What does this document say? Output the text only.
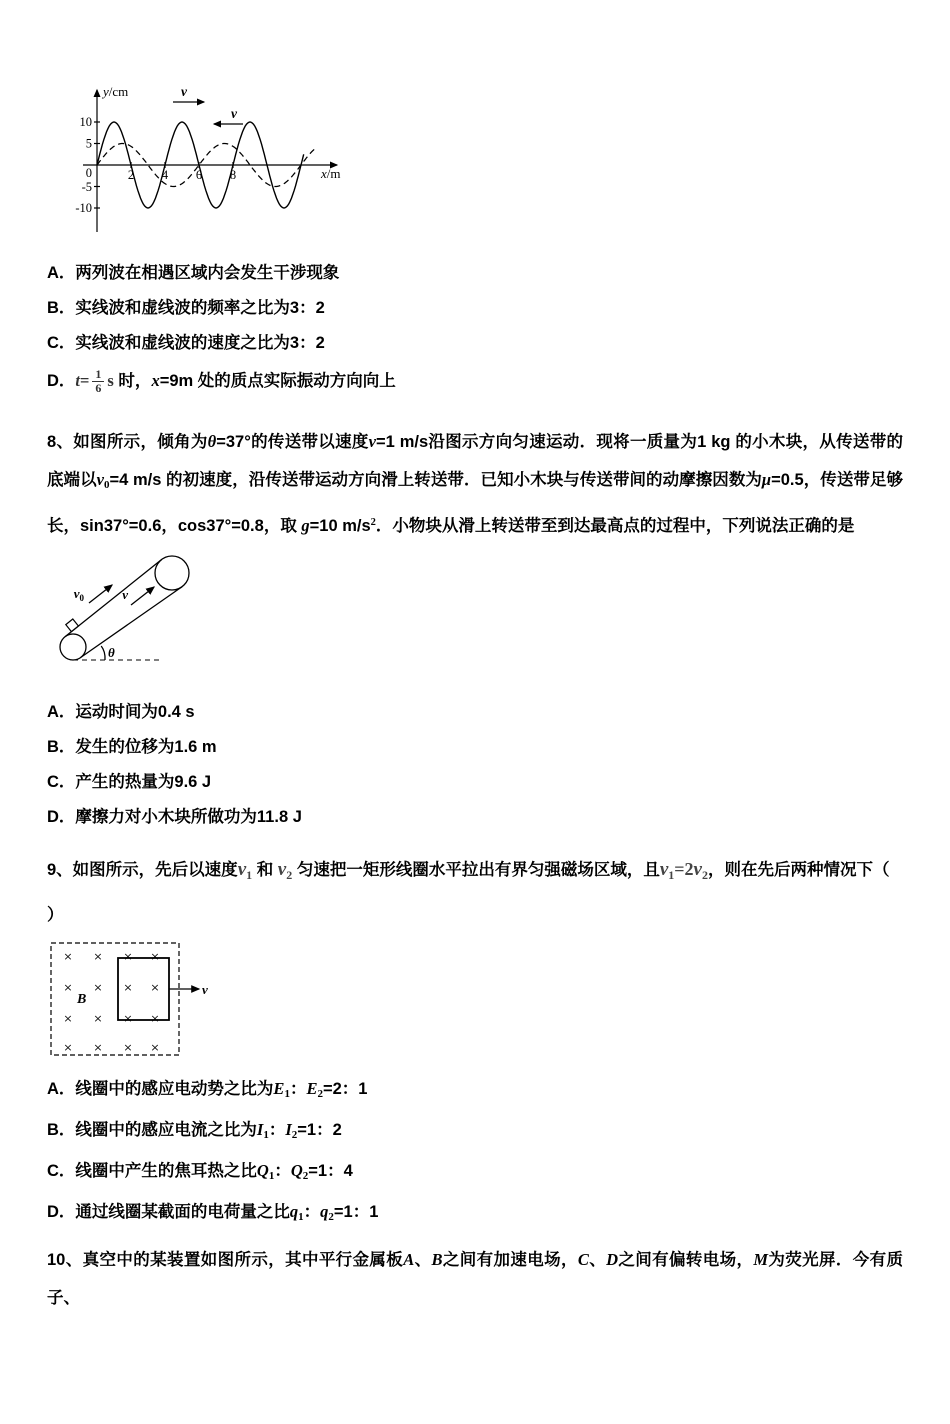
v
v
y/cm
x/m
10
5
0
-5
-10
2 4 6 8
A．两列波在相遇区域内会发生干涉现象
B．实线波和虚线波的频率之比为3：2
C．实线波和虚线波的速度之比为3：2
D．$t= \frac{1}{6}$ s 时，x=9m 处的质点实际振动方向向上
8、如图所示，倾角为θ=37°的传送带以速度v=1 m/s沿图示方向匀速运动．现将一质量为1 kg 的小木块，从传送带的底端以$v_0=4$ m/s 的初速度，沿传送带运动方向滑上转送带．已知小木块与传送带间的动摩擦因数为μ=0.5，传送带足够长，sin37°=0.6，cos37°=0.8，取 g=10 $m/s^2$．小物块从滑上转送带至到达最高点的过程中，下列说法正确的是
$v_0$	v
θ
A．运动时间为0.4 s
B．发生的位移为1.6 m
C．产生的热量为9.6 J
D．摩擦力对小木块所做功为11.8 J
9、如图所示，先后以速度$v_1$ 和 $v_2$ 匀速把一矩形线圈水平拉出有界匀强磁场区域，且$v_1=2v_2$，则在先后两种情况下（
）
× × × ×
× × × ×
× × × ×
× × × ×
B
v
A．线圈中的感应电动势之比为$E_1$：$E_2=2$：1
B．线圈中的感应电流之比为$I_1$：$I_2=1$：2
C．线圈中产生的焦耳热之比$Q_1$：$Q_2=1$：4
D．通过线圈某截面的电荷量之比$q_1$：$q_2=1$：1
10、真空中的某装置如图所示，其中平行金属板A、B之间有加速电场，C、D之间有偏转电场，M为荧光屏．今有质子、
